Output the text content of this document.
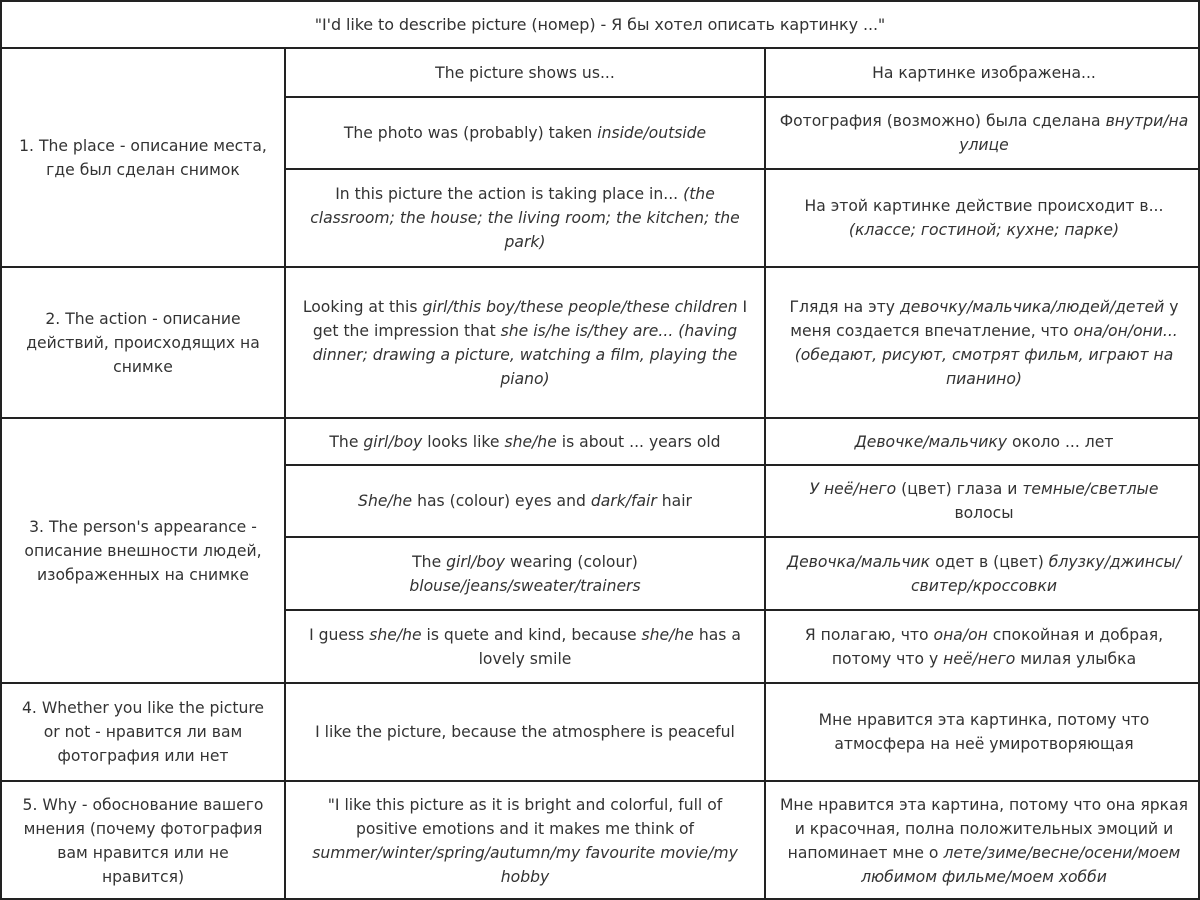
"I'd like to describe picture (номер) - Я бы хотел описать картинку ..."
1. The place - описание места, где был сделан снимок
The picture shows us...	На картинке изображена...
The photo was (probably) taken inside/outside
Фотография (возможно) была сделана внутри/на улице
In this picture the action is taking place in... (the classroom; the house; the living room; the kitchen; the park)
На этой картинке действие происходит в... (классе; гостиной; кухне; парке)
2. The action - описание действий, происходящих на снимке
Looking at this girl/this boy/these people/these children I get the impression that she is/he is/they are... (having dinner; drawing a picture, watching a film, playing the piano)
Глядя на эту девочку/мальчика/людей/детей у меня создается впечатление, что она/он/они... (обедают, рисуют, смотрят фильм, играют на пианино)
3. The person's appearance - описание внешности людей, изображенных на снимке
The girl/boy looks like she/he is about ... years old	Девочке/мальчику около ... лет
She/he has (colour) eyes and dark/fair hair
У неё/него (цвет) глаза и темные/светлые волосы
The girl/boy wearing (colour) blouse/jeans/sweater/trainers
Девочка/мальчик одет в (цвет) блузку/джинсы/свитер/кроссовки
I guess she/he is quete and kind, because she/he has a lovely smile
Я полагаю, что она/он спокойная и добрая, потому что у неё/него милая улыбка
4. Whether you like the picture or not - нравится ли вам фотография или нет
I like the picture, because the atmosphere is peaceful
Мне нравится эта картинка, потому что атмосфера на неё умиротворяющая
5. Why - обоснование вашего мнения (почему фотография вам нравится или не нравится)
"I like this picture as it is bright and colorful, full of positive emotions and it makes me think of summer/winter/spring/autumn/my favourite movie/my hobby
Мне нравится эта картина, потому что она яркая и красочная, полна положительных эмоций и напоминает мне о лете/зиме/весне/осени/моем любимом фильме/моем хобби
